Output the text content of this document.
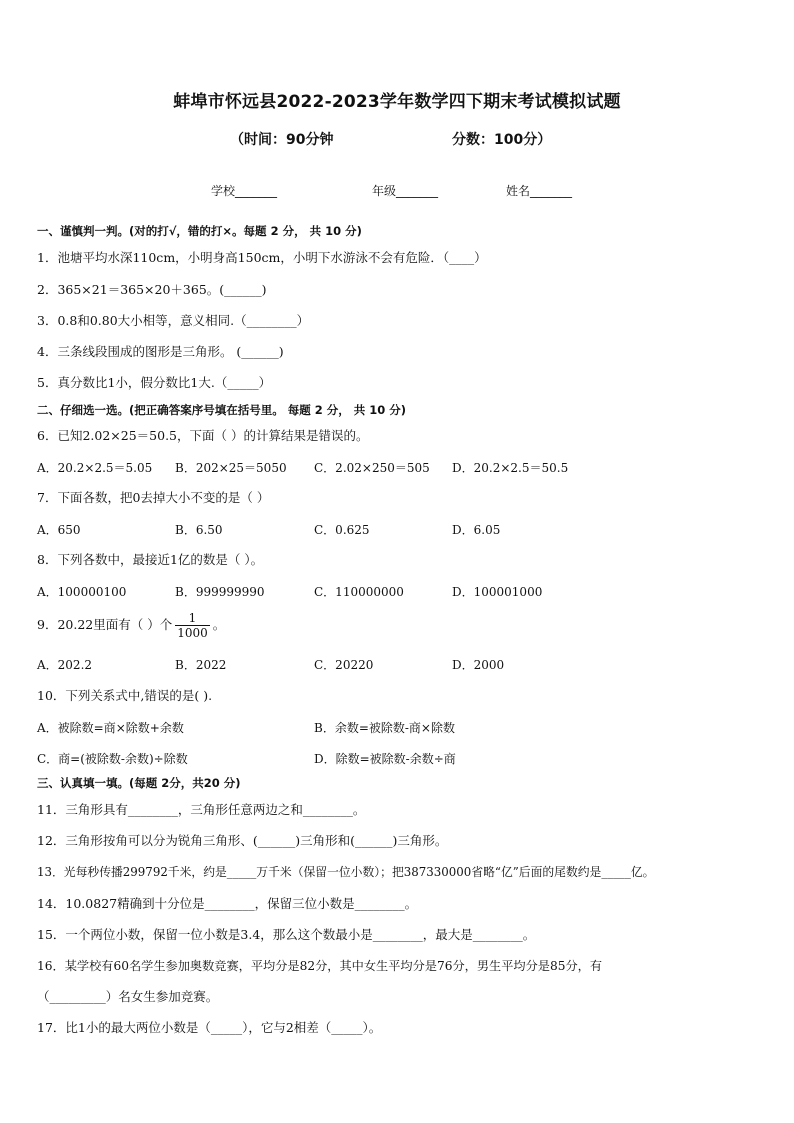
蚌埠市怀远县2022-2023学年数学四下期末考试模拟试题
（时间：90分钟	分数：100分）
学校_______	年级_______	姓名_______
一、谨慎判一判。(对的打√，错的打×。每题 2 分， 共 10 分)
1．池塘平均水深110cm，小明身高150cm，小明下水游泳不会有危险．（____）
2．365×21＝365×20＋365。(______)
3．0.8和0.80大小相等，意义相同.（________）
4．三条线段围成的图形是三角形。 (______)
5．真分数比1小，假分数比1大.（_____）
二、仔细选一选。(把正确答案序号填在括号里。 每题 2 分， 共 10 分)
6．已知2.02×25＝50.5，下面（ ）的计算结果是错误的。
A．20.2×2.5＝5.05 B．202×25＝5050 C．2.02×250＝505 D．20.2×2.5＝50.5
7．下面各数，把0去掉大小不变的是（ ）
A．650	B．6.50	C．0.625	D．6.05
8．下列各数中，最接近1亿的数是（ ）。
A．100000100	B．999999990	C．110000000	D．100001000
9．20.22里面有（ ）个 $\frac{1}{1000}$ 。
A．202.2	B．2022	C．20220	D．2000
10．下列关系式中,错误的是( ).
A．被除数=商×除数+余数	B．余数=被除数-商×除数
C．商=(被除数-余数)÷除数	D．除数=被除数-余数÷商
三、认真填一填。(每题 2分，共20 分)
11．三角形具有________，三角形任意两边之和________。
12．三角形按角可以分为锐角三角形、(______)三角形和(______)三角形。
13．光每秒传播299792千米，约是_____万千米（保留一位小数）；把387330000省略“亿”后面的尾数约是_____亿。
14．10.0827精确到十分位是________，保留三位小数是________。
15．一个两位小数，保留一位小数是3.4，那么这个数最小是________，最大是________。
16．某学校有60名学生参加奥数竞赛，平均分是82分，其中女生平均分是76分，男生平均分是85分，有
（_________）名女生参加竞赛。
17．比1小的最大两位小数是（_____），它与2相差（_____）。
